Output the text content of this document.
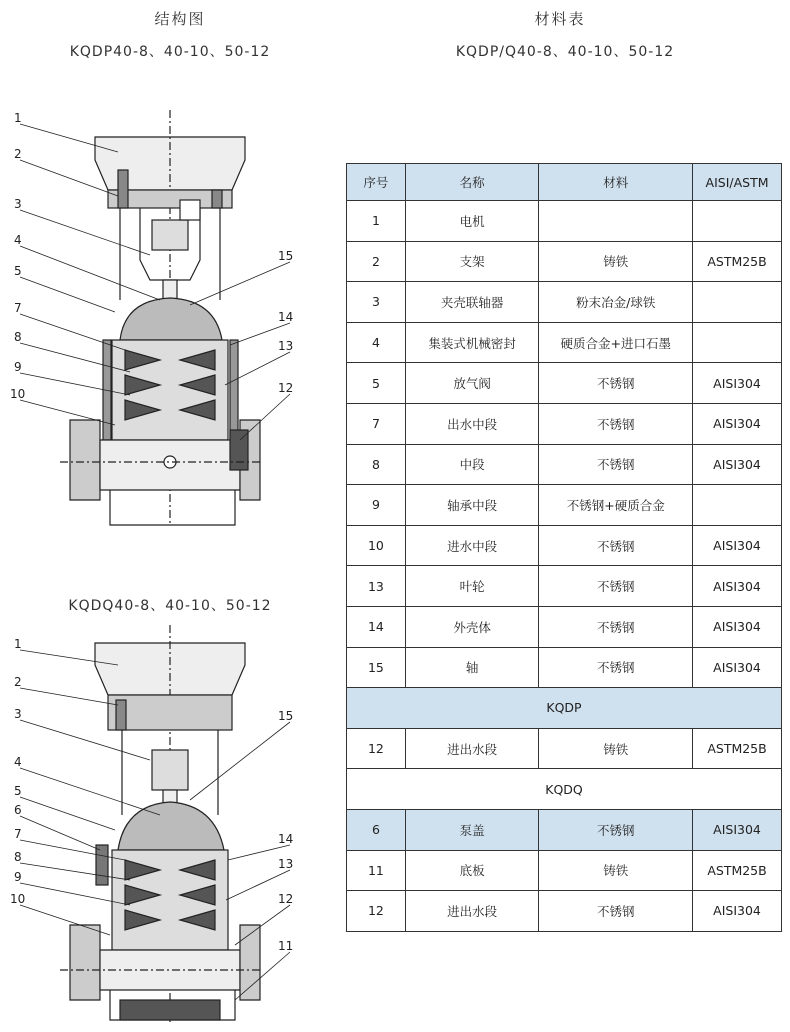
结构图
KQDP40-8、40-10、50-12
材料表
KQDP/Q40-8、40-10、50-12
KQDQ40-8、40-10、50-12
1
2
3
4
5
7
8
9
10
15
14
13
12
1
2
3
4
5
6
7
8
9
10
15
14
13
12
11
序号	名称	材料	AISI/ASTM
1	电机		
2	支架	铸铁	ASTM25B
3	夹壳联轴器	粉末冶金/球铁	
4	集装式机械密封	硬质合金+进口石墨	
5	放气阀	不锈钢	AISI304
7	出水中段	不锈钢	AISI304
8	中段	不锈钢	AISI304
9	轴承中段	不锈钢+硬质合金	
10	进水中段	不锈钢	AISI304
13	叶轮	不锈钢	AISI304
14	外壳体	不锈钢	AISI304
15	轴	不锈钢	AISI304
KQDP			
12	进出水段	铸铁	ASTM25B
KQDQ			
6	泵盖	不锈钢	AISI304
11	底板	铸铁	ASTM25B
12	进出水段	不锈钢	AISI304
